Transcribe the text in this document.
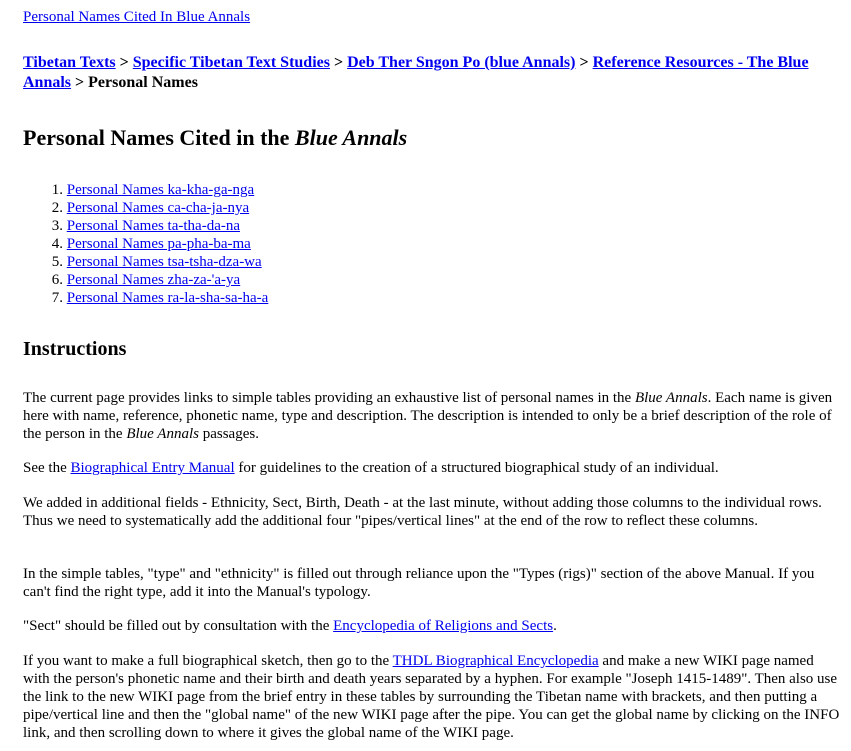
Personal Names Cited In Blue Annals
Tibetan Texts > Specific Tibetan Text Studies > Deb Ther Sngon Po (blue Annals) > Reference Resources - The Blue Annals > Personal Names
Personal Names Cited in the Blue Annals
1. Personal Names ka-kha-ga-nga
2. Personal Names ca-cha-ja-nya
3. Personal Names ta-tha-da-na
4. Personal Names pa-pha-ba-ma
5. Personal Names tsa-tsha-dza-wa
6. Personal Names zha-za-'a-ya
7. Personal Names ra-la-sha-sa-ha-a
Instructions

The current page provides links to simple tables providing an exhaustive list of personal names in the Blue Annals. Each name is given here with name, reference, phonetic name, type and description. The description is intended to only be a brief description of the role of the person in the Blue Annals passages.

See the Biographical Entry Manual for guidelines to the creation of a structured biographical study of an individual.

We added in additional fields - Ethnicity, Sect, Birth, Death - at the last minute, without adding those columns to the individual rows. Thus we need to systematically add the additional four "pipes/vertical lines" at the end of the row to reflect these columns.

In the simple tables, "type" and "ethnicity" is filled out through reliance upon the "Types (rigs)" section of the above Manual. If you can't find the right type, add it into the Manual's typology.

"Sect" should be filled out by consultation with the Encyclopedia of Religions and Sects.

If you want to make a full biographical sketch, then go to the THDL Biographical Encyclopedia and make a new WIKI page named with the person's phonetic name and their birth and death years separated by a hyphen. For example "Joseph 1415-1489". Then also use the link to the new WIKI page from the brief entry in these tables by surrounding the Tibetan name with brackets, and then putting a pipe/vertical line and then the "global name" of the new WIKI page after the pipe. You can get the global name by clicking on the INFO link, and then scrolling down to where it gives the global name of the WIKI page.
